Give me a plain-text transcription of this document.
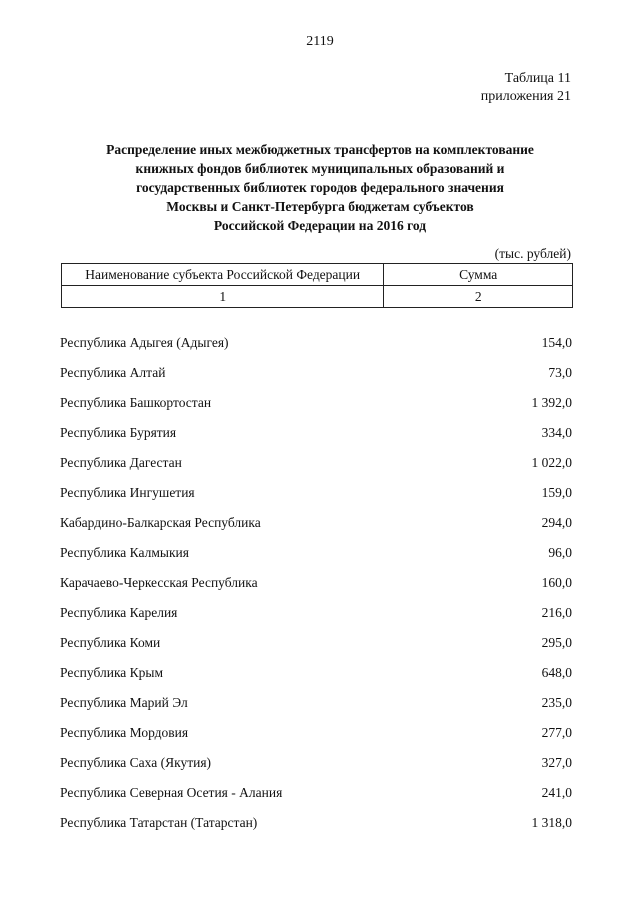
2119
Таблица 11
приложения 21
Распределение иных межбюджетных трансфертов на комплектование
книжных фондов библиотек муниципальных образований и
государственных библиотек городов федерального значения
Москвы и Санкт-Петербурга бюджетам субъектов
Российской Федерации на 2016 год
(тыс. рублей)
Наименование субъекта Российской Федерации	Сумма
1	2
Республика Адыгея (Адыгея)	154,0
Республика Алтай	73,0
Республика Башкортостан	1 392,0
Республика Бурятия	334,0
Республика Дагестан	1 022,0
Республика Ингушетия	159,0
Кабардино-Балкарская Республика	294,0
Республика Калмыкия	96,0
Карачаево-Черкесская Республика	160,0
Республика Карелия	216,0
Республика Коми	295,0
Республика Крым	648,0
Республика Марий Эл	235,0
Республика Мордовия	277,0
Республика Саха (Якутия)	327,0
Республика Северная Осетия - Алания	241,0
Республика Татарстан (Татарстан)	1 318,0
